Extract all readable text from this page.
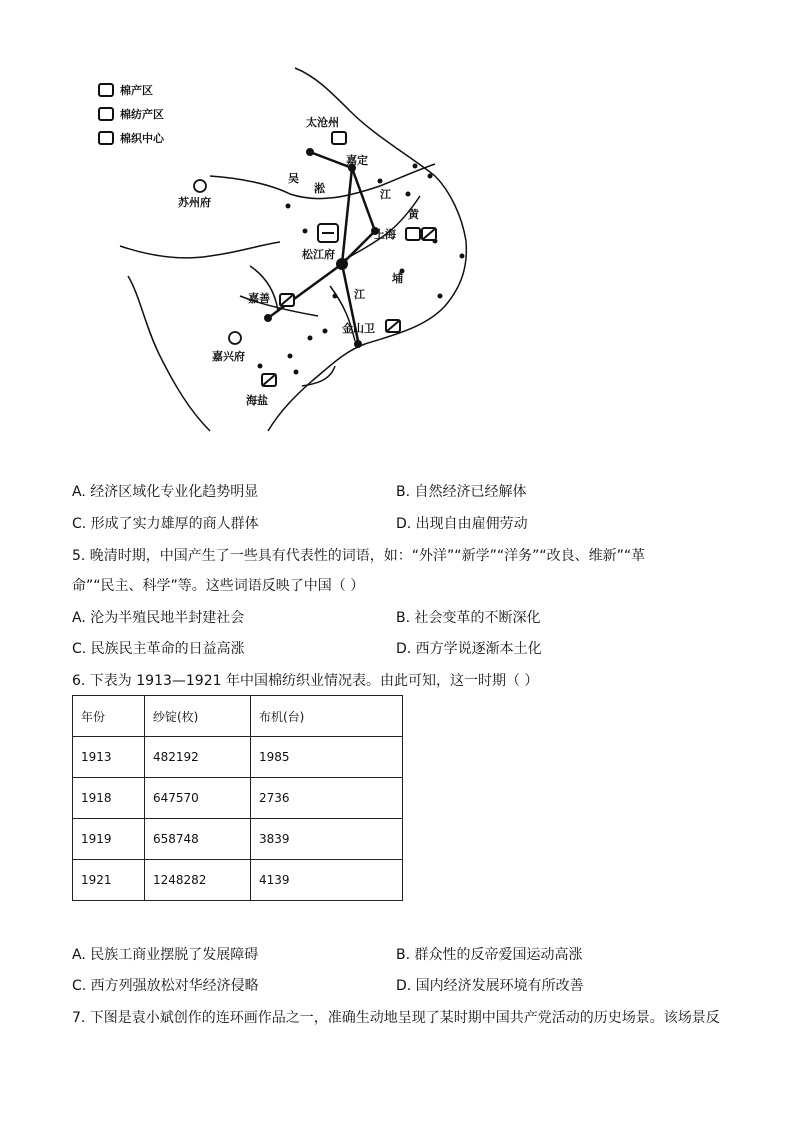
棉产区
棉纺产区
棉织中心
太沧州
嘉定
苏州府
松江府
上海
嘉善
金山卫
嘉兴府
海盐
吴
淞	江
黄
埔
江
A. 经济区域化专业化趋势明显	B. 自然经济已经解体
C. 形成了实力雄厚的商人群体	D. 出现自由雇佣劳动
5. 晚清时期，中国产生了一些具有代表性的词语，如：“外洋”“新学”“洋务”“改良、维新”“革
命”“民主、科学”等。这些词语反映了中国（ ）
A. 沦为半殖民地半封建社会	B. 社会变革的不断深化
C. 民族民主革命的日益高涨	D. 西方学说逐渐本土化
6. 下表为 1913—1921 年中国棉纺织业情况表。由此可知，这一时期（ ）
年份	纱锭(枚)	布机(台)
1913	482192	1985
1918	647570	2736
1919	658748	3839
1921	1248282	4139
A. 民族工商业摆脱了发展障碍	B. 群众性的反帝爱国运动高涨
C. 西方列强放松对华经济侵略	D. 国内经济发展环境有所改善
7. 下图是袁小斌创作的连环画作品之一，准确生动地呈现了某时期中国共产党活动的历史场景。该场景反
